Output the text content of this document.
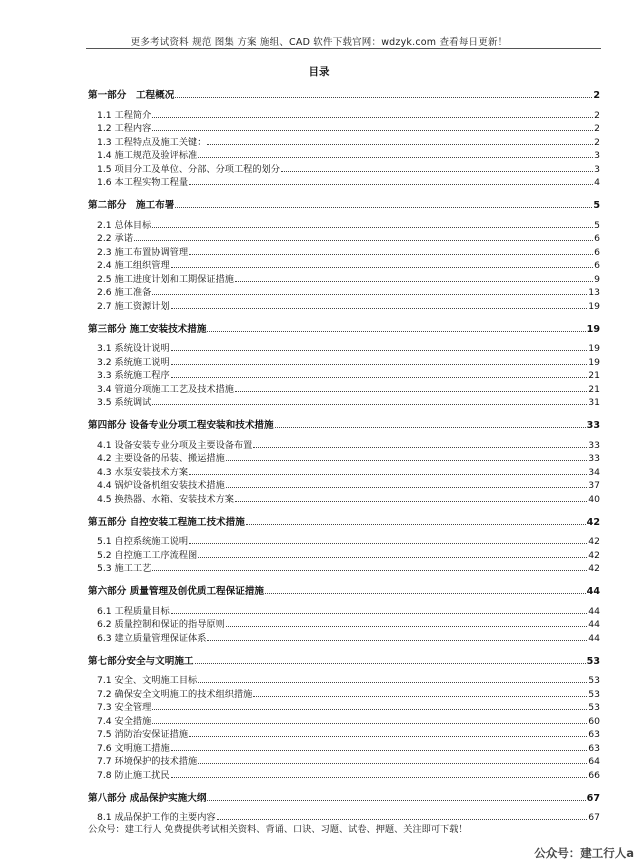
更多考试资料 规范 图集 方案 施组、CAD 软件下载官网：wdzyk.com 查看每日更新！
目录
第一部分　工程概况	2
1.1 工程简介	2
1.2 工程内容	2
1.3 工程特点及施工关键：	2
1.4 施工规范及验评标准	3
1.5 项目分工及单位、分部、分项工程的划分	3
1.6 本工程实物工程量	4
第二部分　施工布署	5
2.1 总体目标	5
2.2 承诺	6
2.3 施工布置协调管理	6
2.4 施工组织管理	6
2.5 施工进度计划和工期保证措施	9
2.6 施工准备	13
2.7 施工资源计划	19
第三部分 施工安装技术措施	19
3.1 系统设计说明	19
3.2 系统施工说明	19
3.3 系统施工程序	21
3.4 管道分项施工工艺及技术措施	21
3.5 系统调试	31
第四部分 设备专业分项工程安装和技术措施	33
4.1 设备安装专业分项及主要设备布置	33
4.2 主要设备的吊装、搬运措施	33
4.3 水泵安装技术方案	34
4.4 锅炉设备机组安装技术措施	37
4.5 换热器、水箱、安装技术方案	40
第五部分 自控安装工程施工技术措施	42
5.1 自控系统施工说明	42
5.2 自控施工工序流程图	42
5.3 施工工艺	42
第六部分 质量管理及创优质工程保证措施	44
6.1 工程质量目标	44
6.2 质量控制和保证的指导原则	44
6.3 建立质量管理保证体系	44
第七部分安全与文明施工	53
7.1 安全、文明施工目标	53
7.2 确保安全文明施工的技术组织措施	53
7.3 安全管理	53
7.4 安全措施	60
7.5 消防治安保证措施	63
7.6 文明施工措施	63
7.7 环境保护的技术措施	64
7.8 防止施工扰民	66
第八部分 成品保护实施大纲	67
8.1 成品保护工作的主要内容	67
公众号：建工行人 免费提供考试相关资料、背诵、口诀、习题、试卷、押题、关注即可下载！
公众号：建工行人a
